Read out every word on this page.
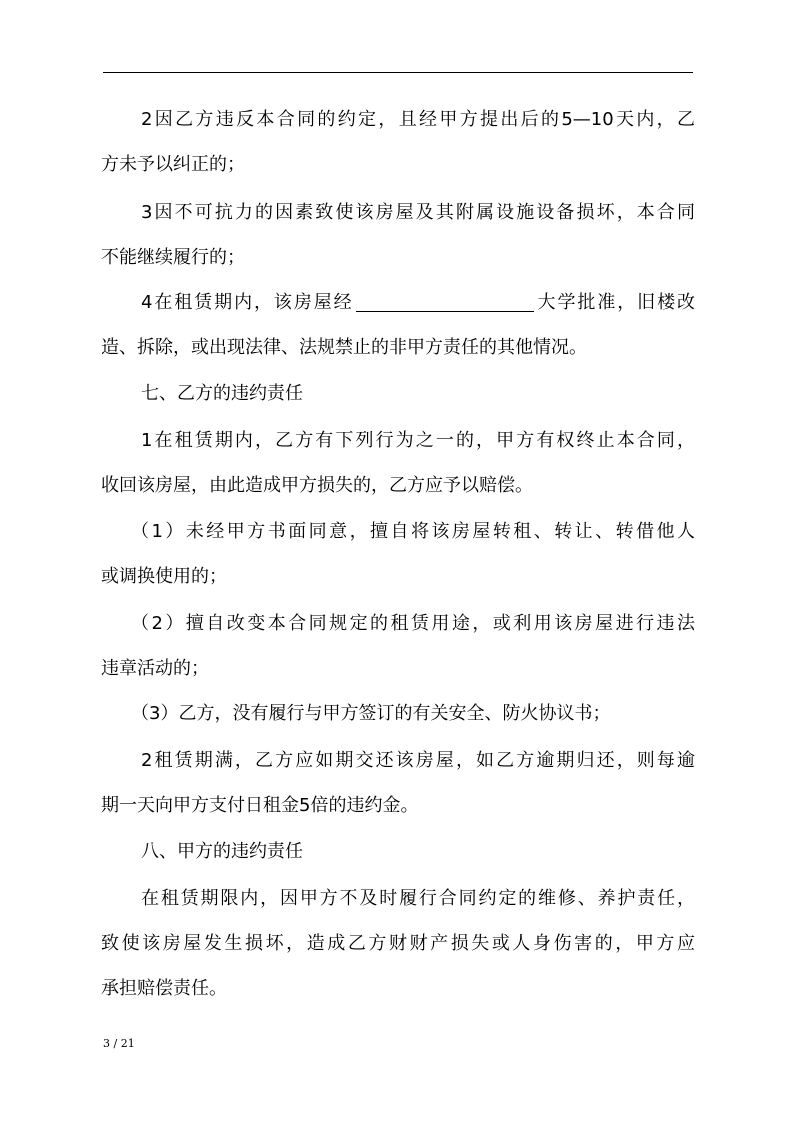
2因乙方违反本合同的约定，且经甲方提出后的5—10天内，乙
方未予以纠正的；
3因不可抗力的因素致使该房屋及其附属设施设备损坏，本合同
不能继续履行的；
4在租赁期内，该房屋经	大学批准，旧楼改
造、拆除，或出现法律、法规禁止的非甲方责任的其他情况。
七、乙方的违约责任
1在租赁期内，乙方有下列行为之一的，甲方有权终止本合同，
收回该房屋，由此造成甲方损失的，乙方应予以赔偿。
（1）未经甲方书面同意，擅自将该房屋转租、转让、转借他人
或调换使用的；
（2）擅自改变本合同规定的租赁用途，或利用该房屋进行违法
违章活动的；
（3）乙方，没有履行与甲方签订的有关安全、防火协议书；
2租赁期满，乙方应如期交还该房屋，如乙方逾期归还，则每逾
期一天向甲方支付日租金5倍的违约金。
八、甲方的违约责任
在租赁期限内，因甲方不及时履行合同约定的维修、养护责任，
致使该房屋发生损坏，造成乙方财财产损失或人身伤害的，甲方应
承担赔偿责任。
3 / 21
